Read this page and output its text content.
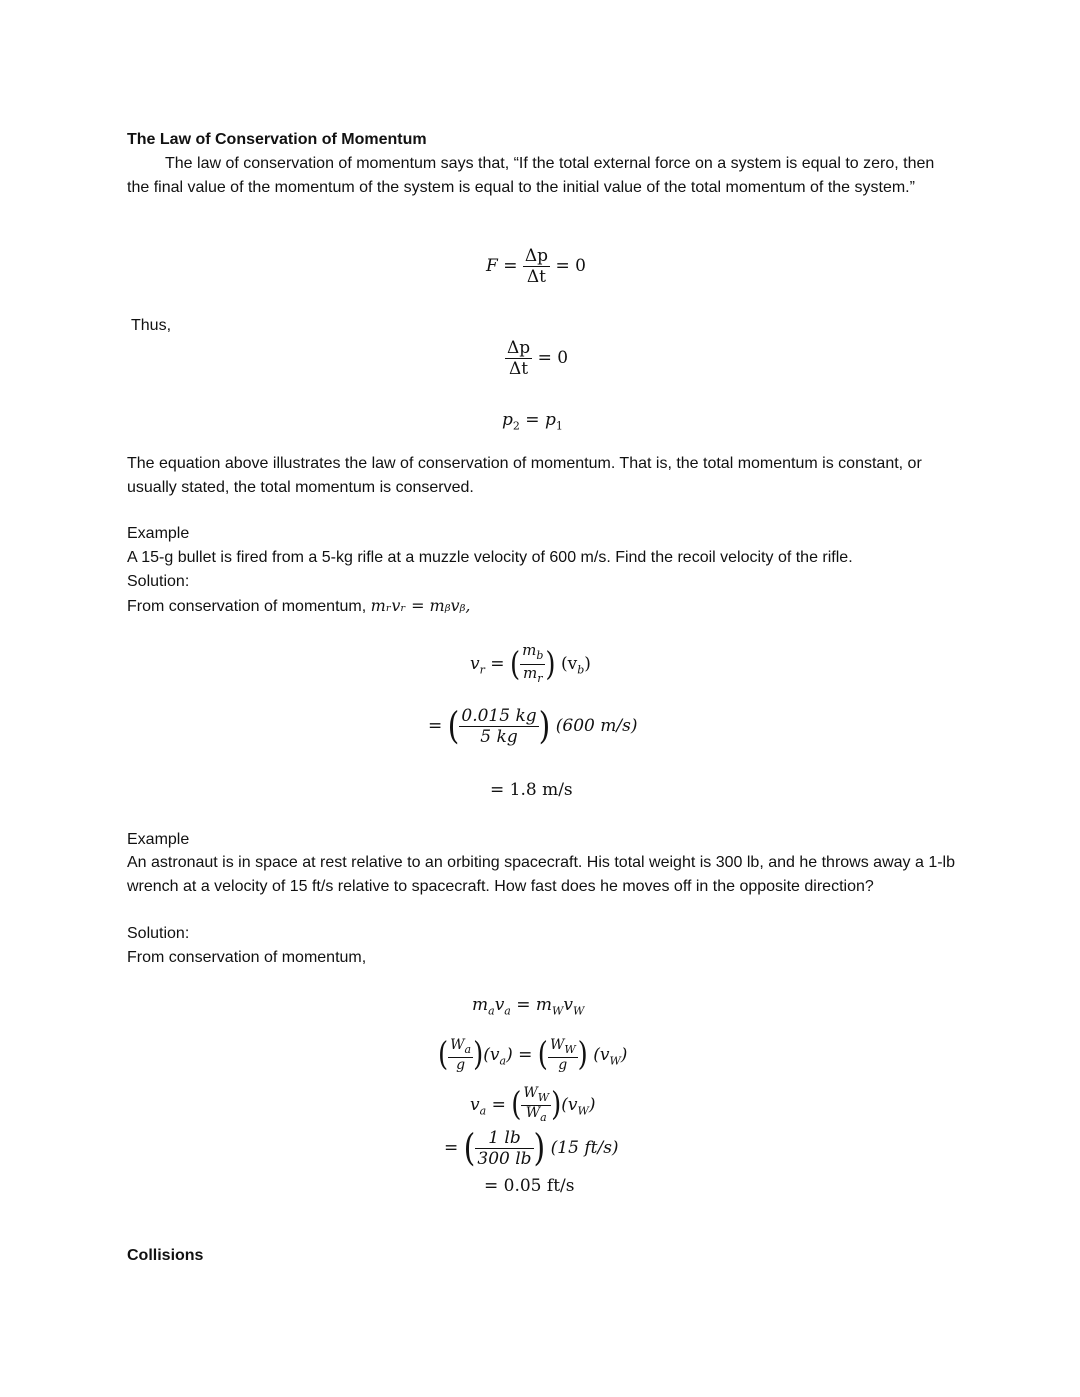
The Law of Conservation of Momentum
The law of conservation of momentum says that, “If the total external force on a system is equal to zero, then the final value of the momentum of the system is equal to the initial value of the total momentum of the system.”
$F = \frac{\Delta p}{\Delta t} = 0$
Thus,
$\frac{\Delta p}{\Delta t} = 0$
$p_2 = p_1$
The equation above illustrates the law of conservation of momentum. That is, the total momentum is constant, or usually stated, the total momentum is conserved.
Example
A 15-g bullet is fired from a 5-kg rifle at a muzzle velocity of 600 m/s. Find the recoil velocity of the rifle.
Solution:
From conservation of momentum, mᵣvᵣ = mᵦvᵦ,
$v_r$ = ( $\frac{m_b}{m_r}$ ) $(v_b)$
= ( $\frac{0.015 kg}{5 kg}$ ) (600 m/s)
= 1.8 m/s
Example
An astronaut is in space at rest relative to an orbiting spacecraft. His total weight is 300 lb, and he throws away a 1-lb wrench at a velocity of 15 ft/s relative to spacecraft. How fast does he moves off in the opposite direction?
Solution:
From conservation of momentum,
$m_av_a = m_Wv_W$
( $\frac{W_a}{g} )(v_a)$ = ( $\frac{W_W}{g}$ ) $(v_W)$
$v_a$ = ( $\frac{W_W}{W_a} )(v_W)$
= ( $\frac{1 lb}{300 lb}$ ) (15 ft/s)
= 0.05 ft/s
Collisions
